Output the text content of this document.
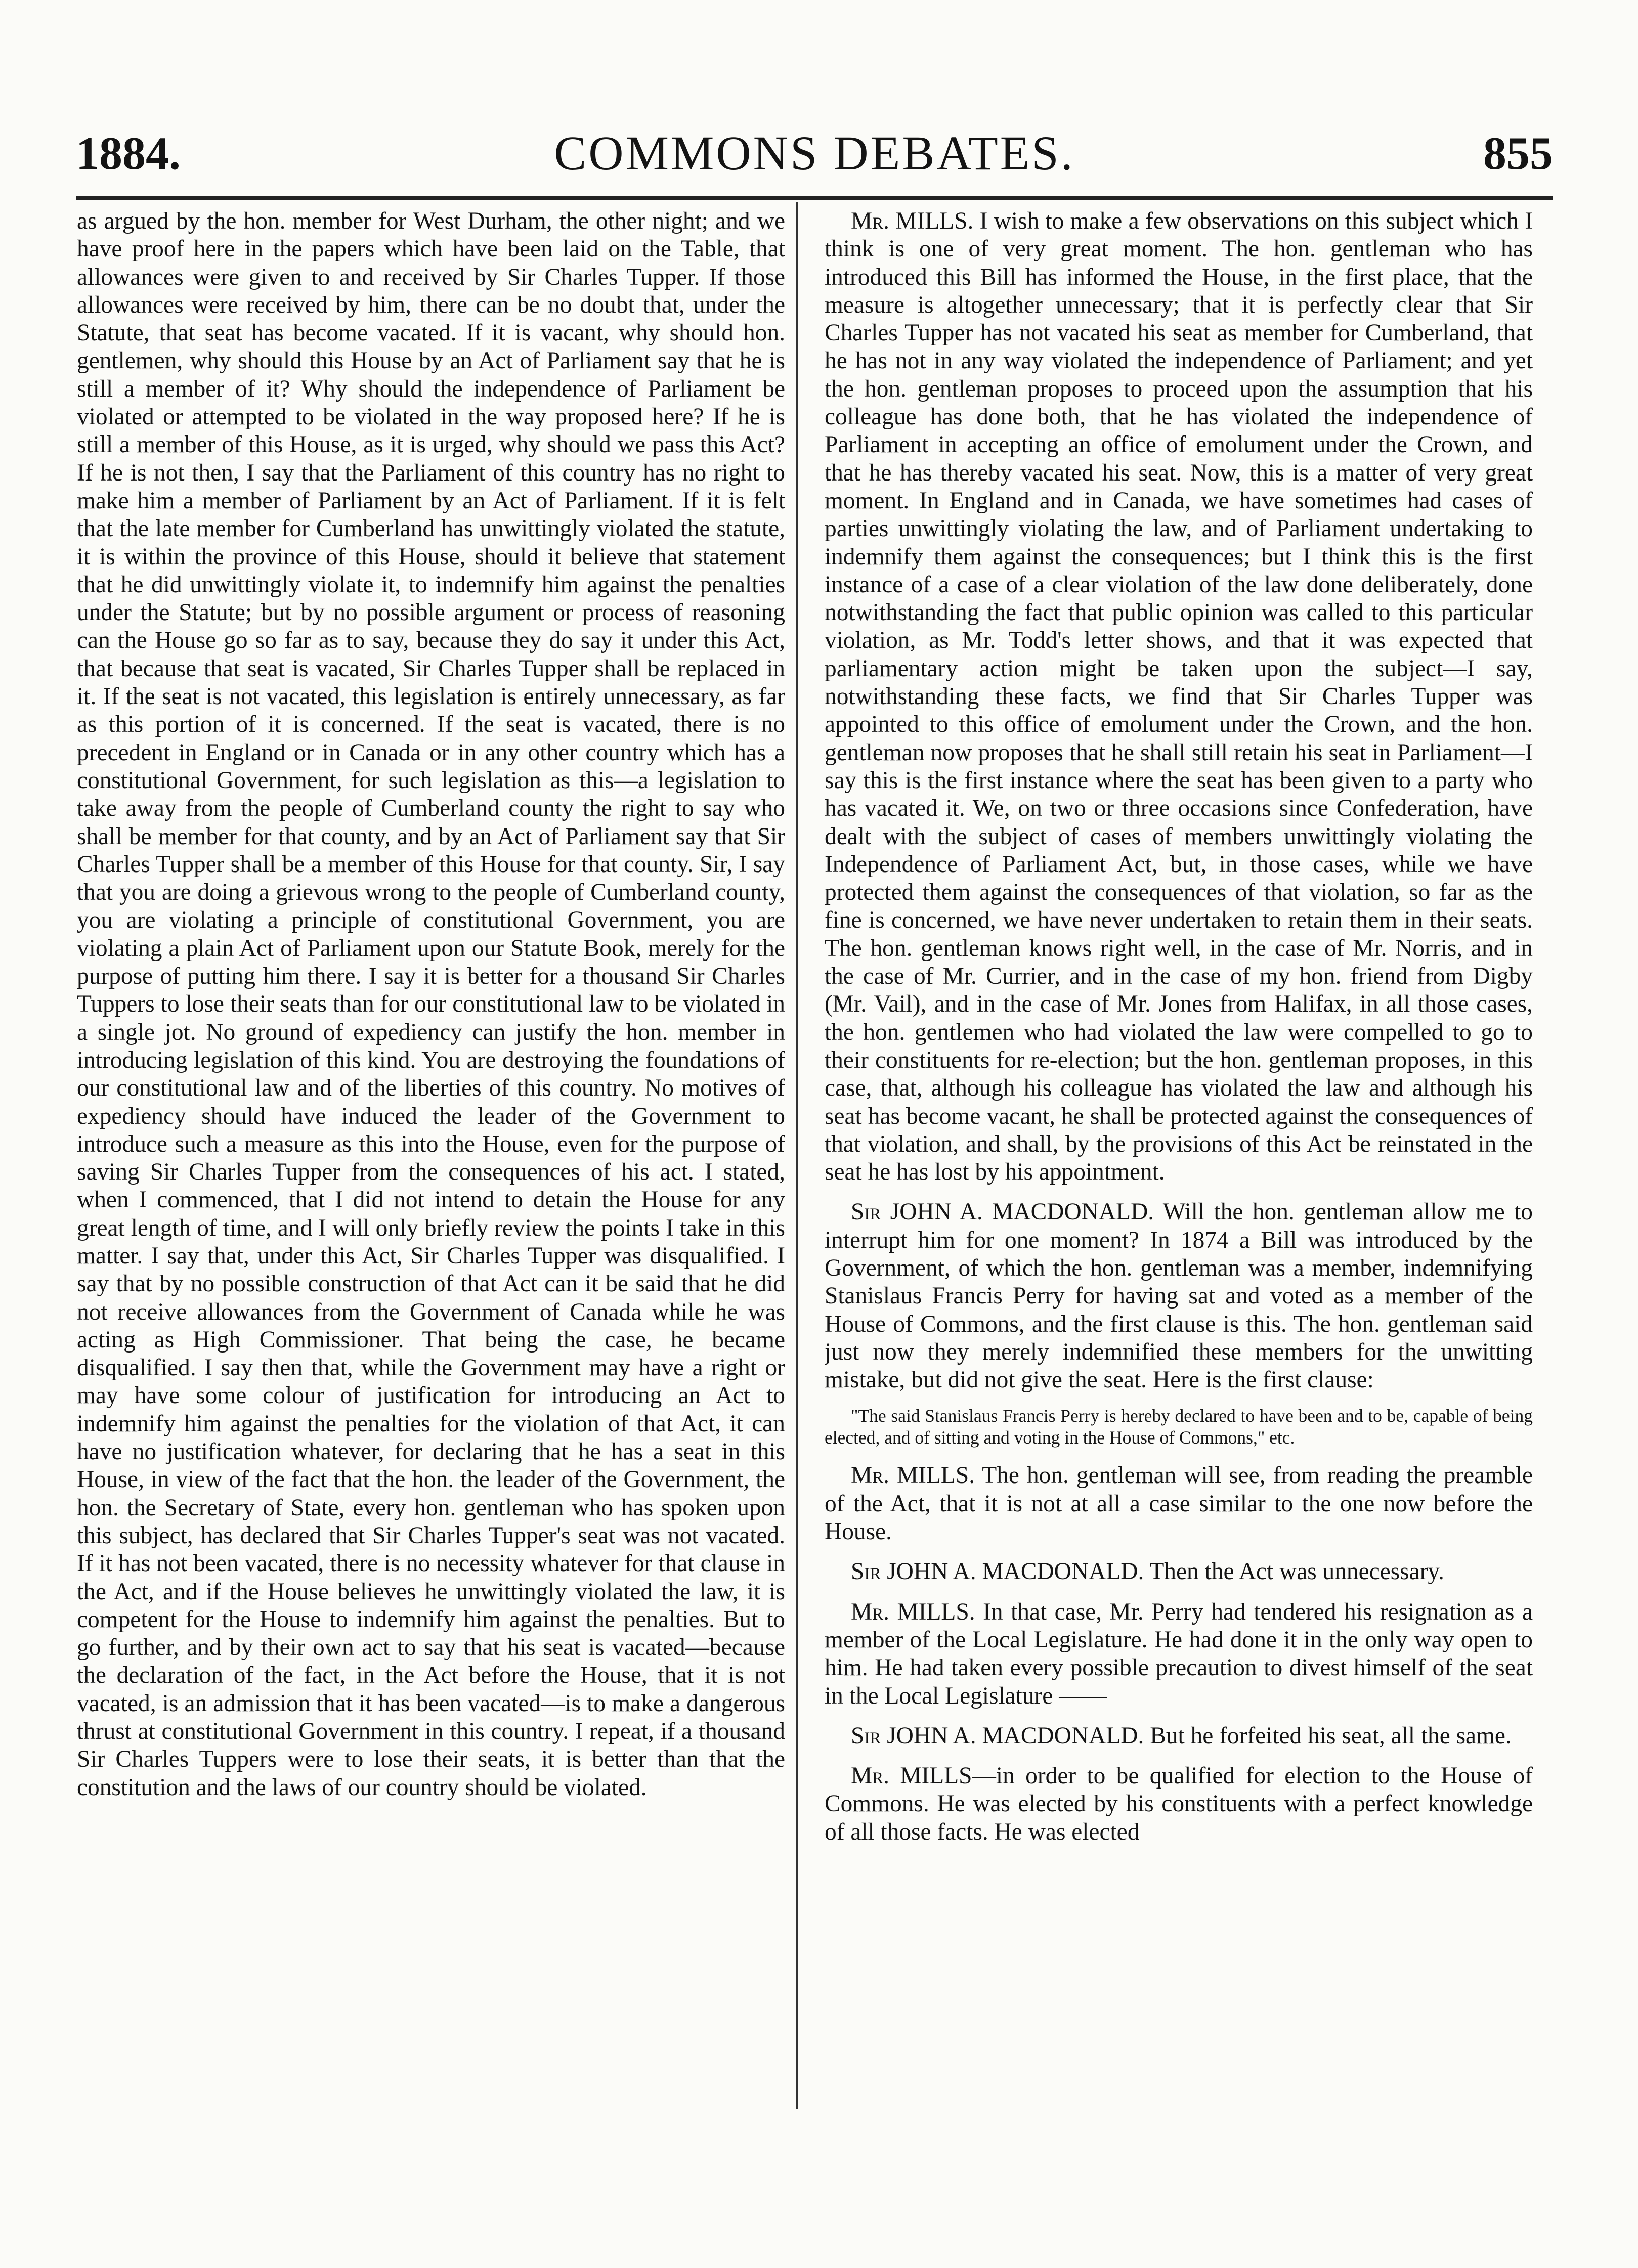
1884.	COMMONS DEBATES.	855

as argued by the hon. member for West Durham, the other night; and we have proof here in the papers which have been laid on the Table, that allowances were given to and received by Sir Charles Tupper. If those allowances were received by him, there can be no doubt that, under the Statute, that seat has become vacated. If it is vacant, why should hon. gentlemen, why should this House by an Act of Parliament say that he is still a member of it? Why should the independence of Parliament be violated or attempted to be violated in the way proposed here? If he is still a member of this House, as it is urged, why should we pass this Act? If he is not then, I say that the Parliament of this country has no right to make him a member of Parliament by an Act of Parliament. If it is felt that the late member for Cumberland has unwittingly violated the statute, it is within the province of this House, should it believe that statement that he did unwittingly violate it, to indemnify him against the penalties under the Statute; but by no possible argument or process of reasoning can the House go so far as to say, because they do say it under this Act, that because that seat is vacated, Sir Charles Tupper shall be replaced in it. If the seat is not vacated, this legislation is entirely unnecessary, as far as this portion of it is concerned. If the seat is vacated, there is no precedent in England or in Canada or in any other country which has a constitutional Government, for such legislation as this—a legislation to take away from the people of Cumberland county the right to say who shall be member for that county, and by an Act of Parliament say that Sir Charles Tupper shall be a member of this House for that county. Sir, I say that you are doing a grievous wrong to the people of Cumberland county, you are violating a principle of constitutional Government, you are violating a plain Act of Parliament upon our Statute Book, merely for the purpose of putting him there. I say it is better for a thousand Sir Charles Tuppers to lose their seats than for our constitutional law to be violated in a single jot. No ground of expediency can justify the hon. member in introducing legislation of this kind. You are destroying the foundations of our constitutional law and of the liberties of this country. No motives of expediency should have induced the leader of the Government to introduce such a measure as this into the House, even for the purpose of saving Sir Charles Tupper from the consequences of his act. I stated, when I commenced, that I did not intend to detain the House for any great length of time, and I will only briefly review the points I take in this matter. I say that, under this Act, Sir Charles Tupper was disqualified. I say that by no possible construction of that Act can it be said that he did not receive allowances from the Government of Canada while he was acting as High Commissioner. That being the case, he became disqualified. I say then that, while the Government may have a right or may have some colour of justification for introducing an Act to indemnify him against the penalties for the violation of that Act, it can have no justification whatever, for declaring that he has a seat in this House, in view of the fact that the hon. the leader of the Government, the hon. the Secretary of State, every hon. gentleman who has spoken upon this subject, has declared that Sir Charles Tupper's seat was not vacated. If it has not been vacated, there is no necessity whatever for that clause in the Act, and if the House believes he unwittingly violated the law, it is competent for the House to indemnify him against the penalties. But to go further, and by their own act to say that his seat is vacated—because the declaration of the fact, in the Act before the House, that it is not vacated, is an admission that it has been vacated—is to make a dangerous thrust at constitutional Government in this country. I repeat, if a thousand Sir Charles Tuppers were to lose their seats, it is better than that the constitution and the laws of our country should be violated.

Mr. MILLS. I wish to make a few observations on this subject which I think is one of very great moment. The hon. gentleman who has introduced this Bill has informed the House, in the first place, that the measure is altogether unnecessary; that it is perfectly clear that Sir Charles Tupper has not vacated his seat as member for Cumberland, that he has not in any way violated the independence of Parliament; and yet the hon. gentleman proposes to proceed upon the assumption that his colleague has done both, that he has violated the independence of Parliament in accepting an office of emolument under the Crown, and that he has thereby vacated his seat. Now, this is a matter of very great moment. In England and in Canada, we have sometimes had cases of parties unwittingly violating the law, and of Parliament undertaking to indemnify them against the consequences; but I think this is the first instance of a case of a clear violation of the law done deliberately, done notwithstanding the fact that public opinion was called to this particular violation, as Mr. Todd's letter shows, and that it was expected that parliamentary action might be taken upon the subject—I say, notwithstanding these facts, we find that Sir Charles Tupper was appointed to this office of emolument under the Crown, and the hon. gentleman now proposes that he shall still retain his seat in Parliament—I say this is the first instance where the seat has been given to a party who has vacated it. We, on two or three occasions since Confederation, have dealt with the subject of cases of members unwittingly violating the Independence of Parliament Act, but, in those cases, while we have protected them against the consequences of that violation, so far as the fine is concerned, we have never undertaken to retain them in their seats. The hon. gentleman knows right well, in the case of Mr. Norris, and in the case of Mr. Currier, and in the case of my hon. friend from Digby (Mr. Vail), and in the case of Mr. Jones from Halifax, in all those cases, the hon. gentlemen who had violated the law were compelled to go to their constituents for re-election; but the hon. gentleman proposes, in this case, that, although his colleague has violated the law and although his seat has become vacant, he shall be protected against the consequences of that violation, and shall, by the provisions of this Act be reinstated in the seat he has lost by his appointment.

Sir JOHN A. MACDONALD. Will the hon. gentleman allow me to interrupt him for one moment? In 1874 a Bill was introduced by the Government, of which the hon. gentleman was a member, indemnifying Stanislaus Francis Perry for having sat and voted as a member of the House of Commons, and the first clause is this. The hon. gentleman said just now they merely indemnified these members for the unwitting mistake, but did not give the seat. Here is the first clause:

"The said Stanislaus Francis Perry is hereby declared to have been and to be, capable of being elected, and of sitting and voting in the House of Commons," etc.

Mr. MILLS. The hon. gentleman will see, from reading the preamble of the Act, that it is not at all a case similar to the one now before the House.

Sir JOHN A. MACDONALD. Then the Act was unnecessary.

Mr. MILLS. In that case, Mr. Perry had tendered his resignation as a member of the Local Legislature. He had done it in the only way open to him. He had taken every possible precaution to divest himself of the seat in the Local Legislature ——

Sir JOHN A. MACDONALD. But he forfeited his seat, all the same.

Mr. MILLS—in order to be qualified for election to the House of Commons. He was elected by his constituents with a perfect knowledge of all those facts. He was elected
